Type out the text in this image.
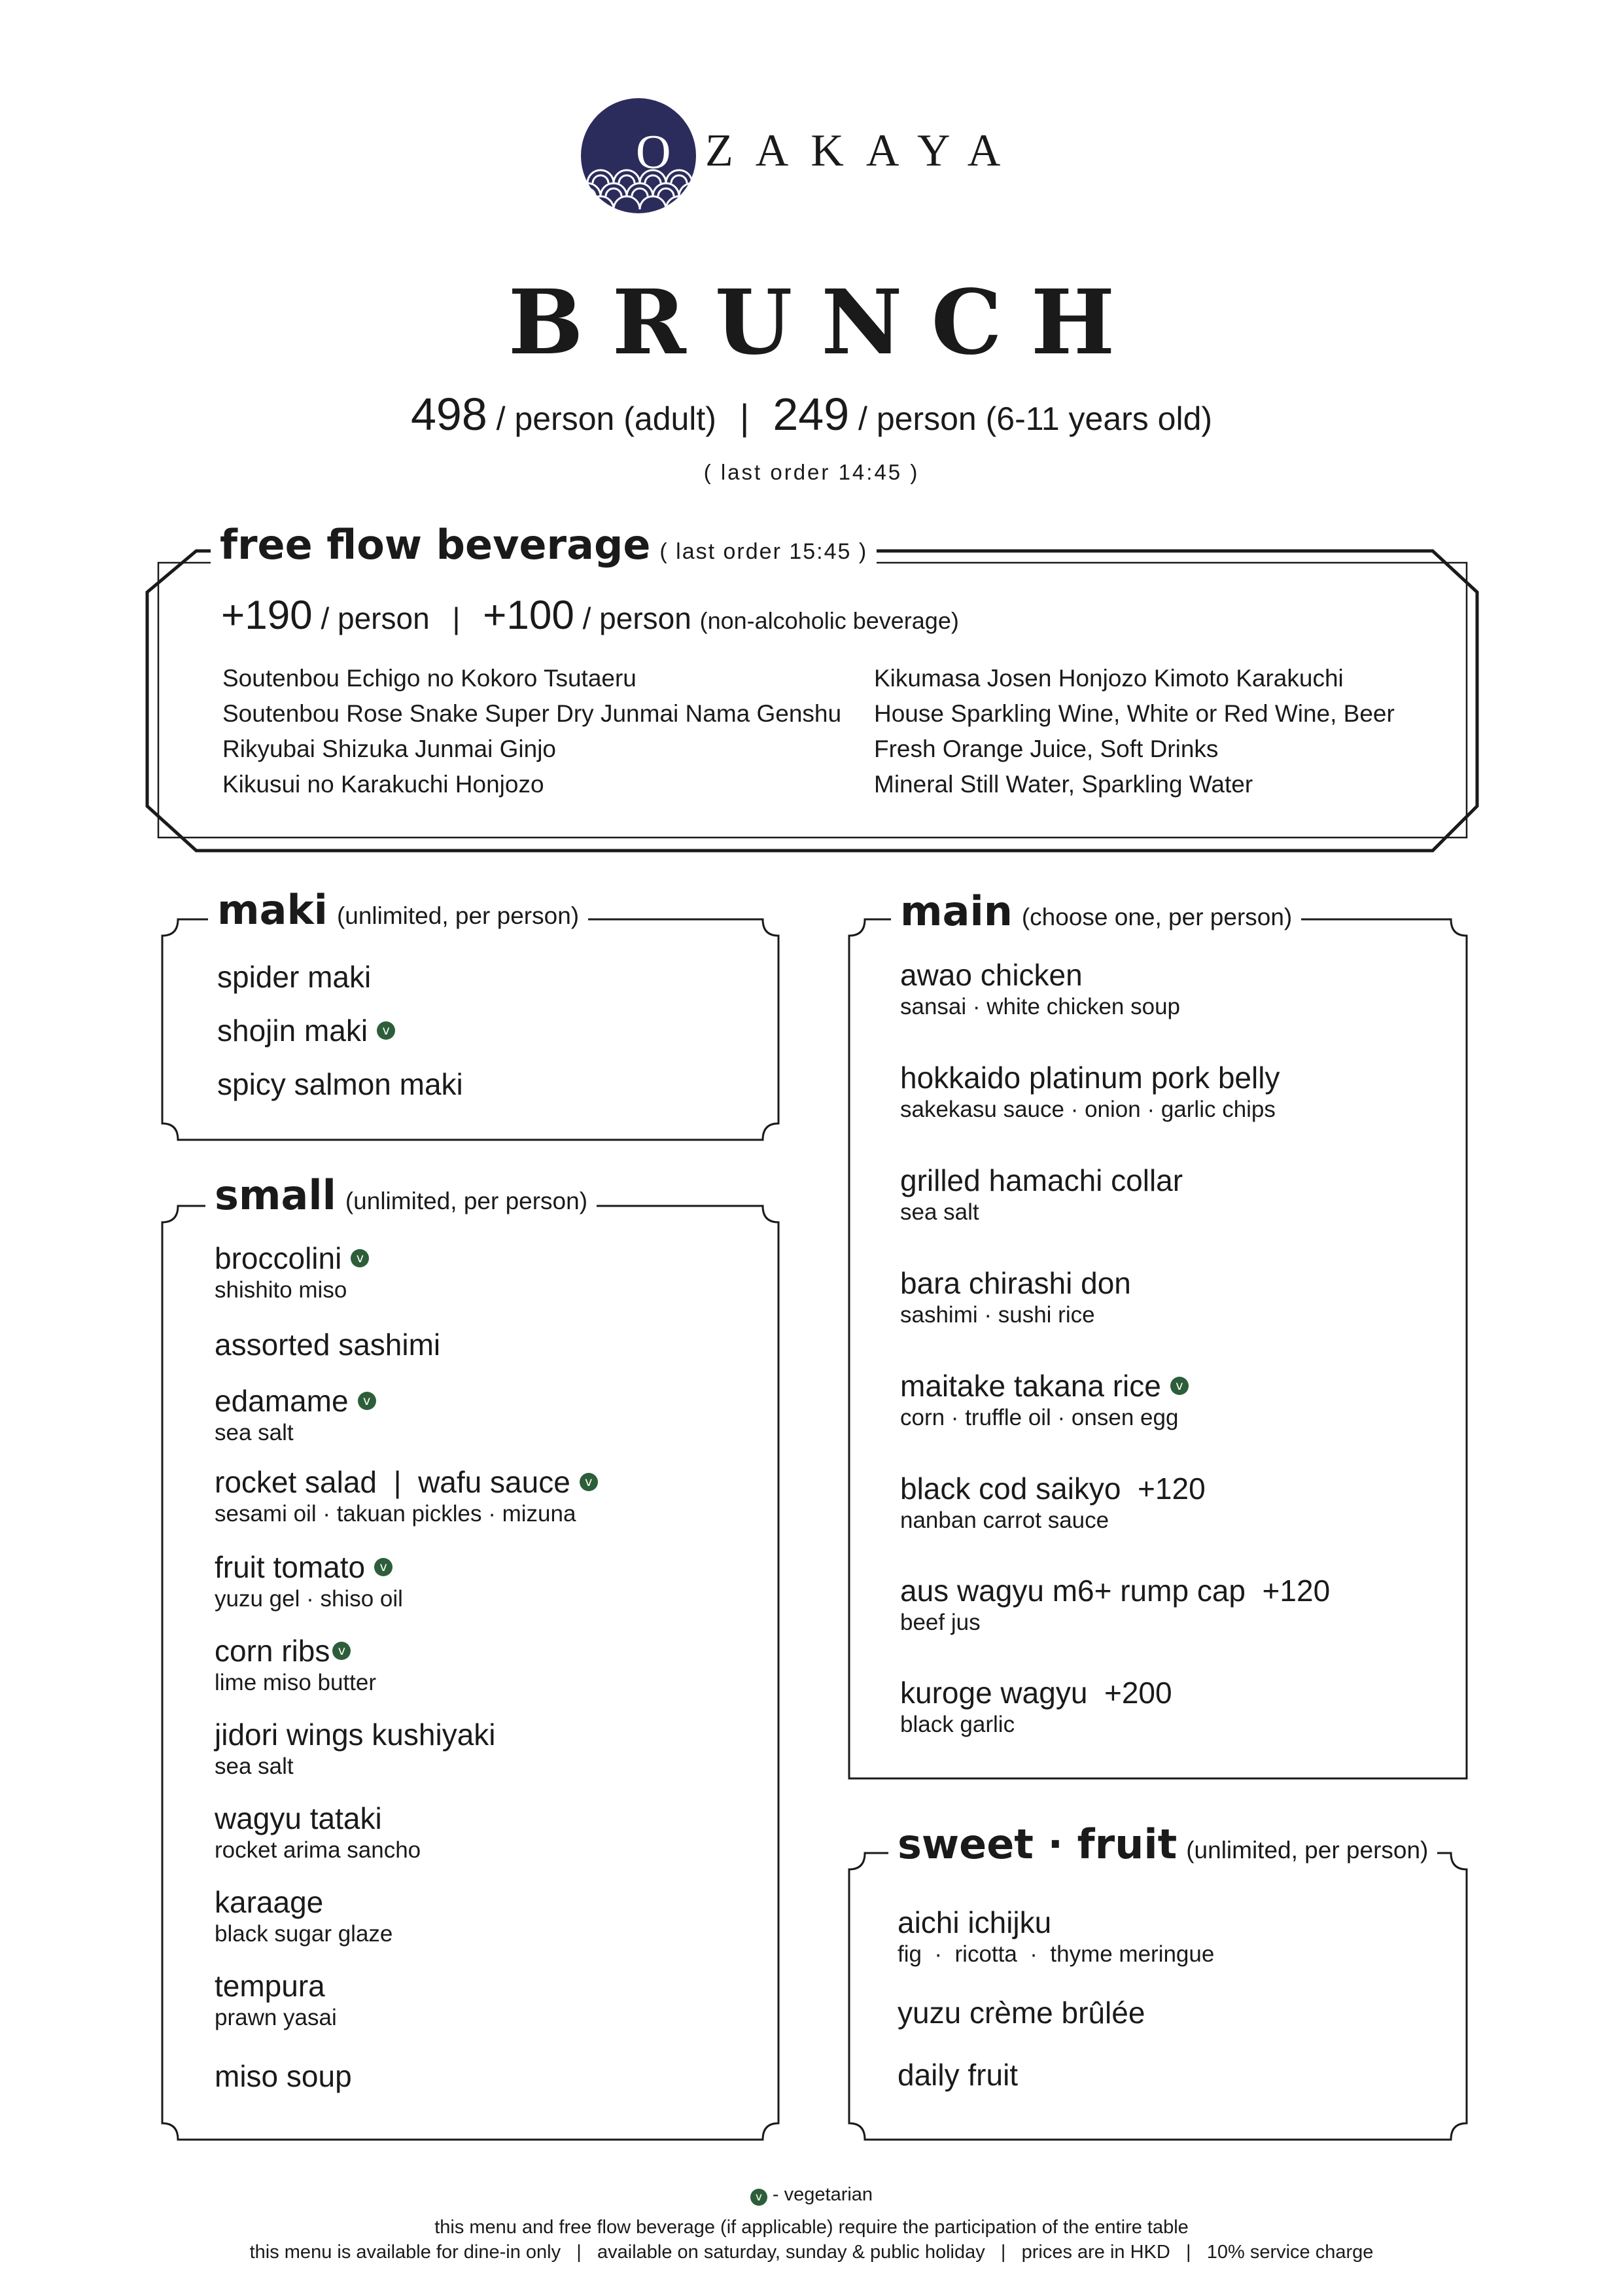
O ZAKAYA
BRUNCH
498 / person (adult) | 249 / person (6-11 years old)
( last order 14:45 )
free flow beverage ( last order 15:45 )
+190 / person | +100 / person (non-alcoholic beverage)
Soutenbou Echigo no Kokoro Tsutaeru
Soutenbou Rose Snake Super Dry Junmai Nama Genshu
Rikyubai Shizuka Junmai Ginjo
Kikusui no Karakuchi Honjozo
Kikumasa Josen Honjozo Kimoto Karakuchi
House Sparkling Wine, White or Red Wine, Beer
Fresh Orange Juice, Soft Drinks
Mineral Still Water, Sparkling Water
maki (unlimited, per person)
spider maki
shojin maki	v
spicy salmon maki
small (unlimited, per person)
broccolini	v
shishito miso
assorted sashimi
edamame	v
sea salt
rocket salad  |  wafu sauce	v
sesami oil · takuan pickles · mizuna
fruit tomato	v
yuzu gel · shiso oil
corn ribs v
lime miso butter
jidori wings kushiyaki
sea salt
wagyu tataki
rocket arima sancho
karaage
black sugar glaze
tempura
prawn yasai
miso soup
main (choose one, per person)
awao chicken
sansai · white chicken soup
hokkaido platinum pork belly
sakekasu sauce · onion · garlic chips
grilled hamachi collar
sea salt
bara chirashi don
sashimi · sushi rice
maitake takana rice	v
corn · truffle oil · onsen egg
black cod saikyo  +120
nanban carrot sauce
aus wagyu m6+ rump cap  +120
beef jus
kuroge wagyu  +200
black garlic
sweet · fruit (unlimited, per person)
aichi ichijku
fig  ·  ricotta  ·  thyme meringue
yuzu crème brûlée
daily fruit
v - vegetarian
this menu and free flow beverage (if applicable) require the participation of the entire table
this menu is available for dine-in only   |   available on saturday, sunday & public holiday   |   prices are in HKD   |   10% service charge
